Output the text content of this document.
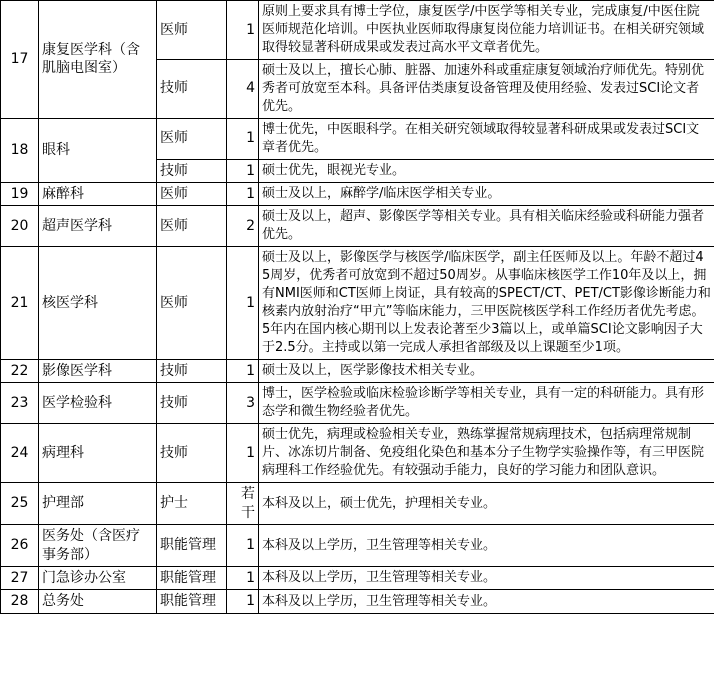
17	康复医学科（含肌脑电图室）	医师	1	原则上要求具有博士学位，康复医学/中医学等相关专业，完成康复/中医住院医师规范化培训。中医执业医师取得康复岗位能力培训证书。在相关研究领域取得较显著科研成果或发表过高水平文章者优先。
		技师	4	硕士及以上，擅长心肺、脏器、加速外科或重症康复领域治疗师优先。特别优秀者可放宽至本科。具备评估类康复设备管理及使用经验、发表过SCI论文者优先。
18	眼科	医师	1	博士优先，中医眼科学。在相关研究领域取得较显著科研成果或发表过SCI文章者优先。
		技师	1	硕士优先，眼视光专业。
19	麻醉科	医师	1	硕士及以上，麻醉学/临床医学相关专业。
20	超声医学科	医师	2	硕士及以上，超声、影像医学等相关专业。具有相关临床经验或科研能力强者优先。
21	核医学科	医师	1	硕士及以上，影像医学与核医学/临床医学，副主任医师及以上。年龄不超过45周岁，优秀者可放宽到不超过50周岁。从事临床核医学工作10年及以上，拥有NMI医师和CT医师上岗证，具有较高的SPECT/CT、PET/CT影像诊断能力和核素内放射治疗“甲亢”等临床能力，三甲医院核医学科工作经历者优先考虑。5年内在国内核心期刊以上发表论著至少3篇以上，或单篇SCI论文影响因子大于2.5分。主持或以第一完成人承担省部级及以上课题至少1项。
22	影像医学科	技师	1	硕士及以上，医学影像技术相关专业。
23	医学检验科	技师	3	博士，医学检验或临床检验诊断学等相关专业，具有一定的科研能力。具有形态学和微生物经验者优先。
24	病理科	技师	1	硕士优先，病理或检验相关专业，熟练掌握常规病理技术，包括病理常规制片、冰冻切片制备、免疫组化染色和基本分子生物学实验操作等，有三甲医院病理科工作经验优先。有较强动手能力，良好的学习能力和团队意识。
25	护理部	护士	若干	本科及以上，硕士优先，护理相关专业。
26	医务处（含医疗事务部）	职能管理	1	本科及以上学历，卫生管理等相关专业。
27	门急诊办公室	职能管理	1	本科及以上学历，卫生管理等相关专业。
28	总务处	职能管理	1	本科及以上学历，卫生管理等相关专业。
